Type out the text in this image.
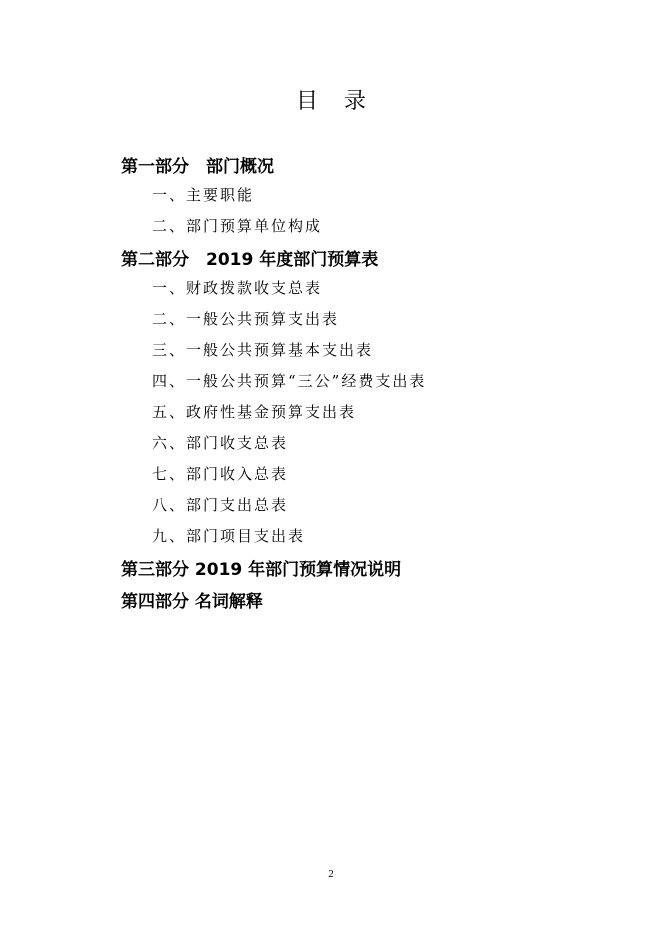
目录
第一部分　部门概况
一、主要职能
二、部门预算单位构成
第二部分　2019 年度部门预算表
一、财政拨款收支总表
二、一般公共预算支出表
三、一般公共预算基本支出表
四、一般公共预算“三公”经费支出表
五、政府性基金预算支出表
六、部门收支总表
七、部门收入总表
八、部门支出总表
九、部门项目支出表
第三部分 2019 年部门预算情况说明
第四部分 名词解释
2
